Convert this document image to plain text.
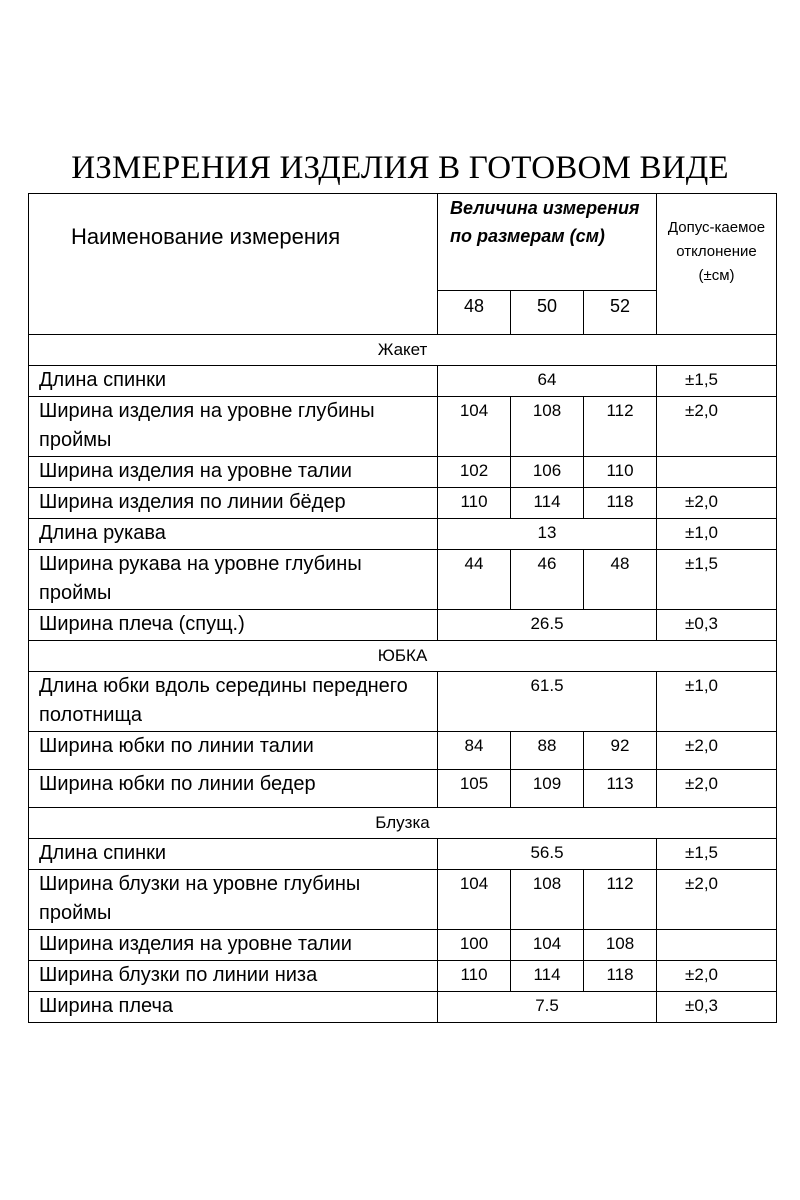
ИЗМЕРЕНИЯ ИЗДЕЛИЯ В ГОТОВОМ ВИДЕ
Наименование измерения	Величина измерения по размерам (см)			Допус-каемое отклонение (±см)

	48	50	52	

Жакет				
Длина спинки	64			±1,5
Ширина изделия на уровне глубины проймы	104	108	112	±2,0
Ширина изделия на уровне талии	102	106	110	
Ширина изделия по линии бёдер	110	114	118	±2,0
Длина рукава	13			±1,0
Ширина рукава на уровне глубины проймы	44	46	48	±1,5
Ширина плеча (спущ.)	26.5			±0,3
ЮБКА				
Длина юбки вдоль середины переднего полотнища	61.5			±1,0
Ширина юбки по линии талии	84	88	92	±2,0
Ширина юбки по линии бедер	105	109	113	±2,0
Блузка				
Длина спинки	56.5			±1,5
Ширина блузки на уровне глубины проймы	104	108	112	±2,0
Ширина изделия на уровне талии	100	104	108	
Ширина блузки по линии низа	110	114	118	±2,0
Ширина плеча	7.5			±0,3
